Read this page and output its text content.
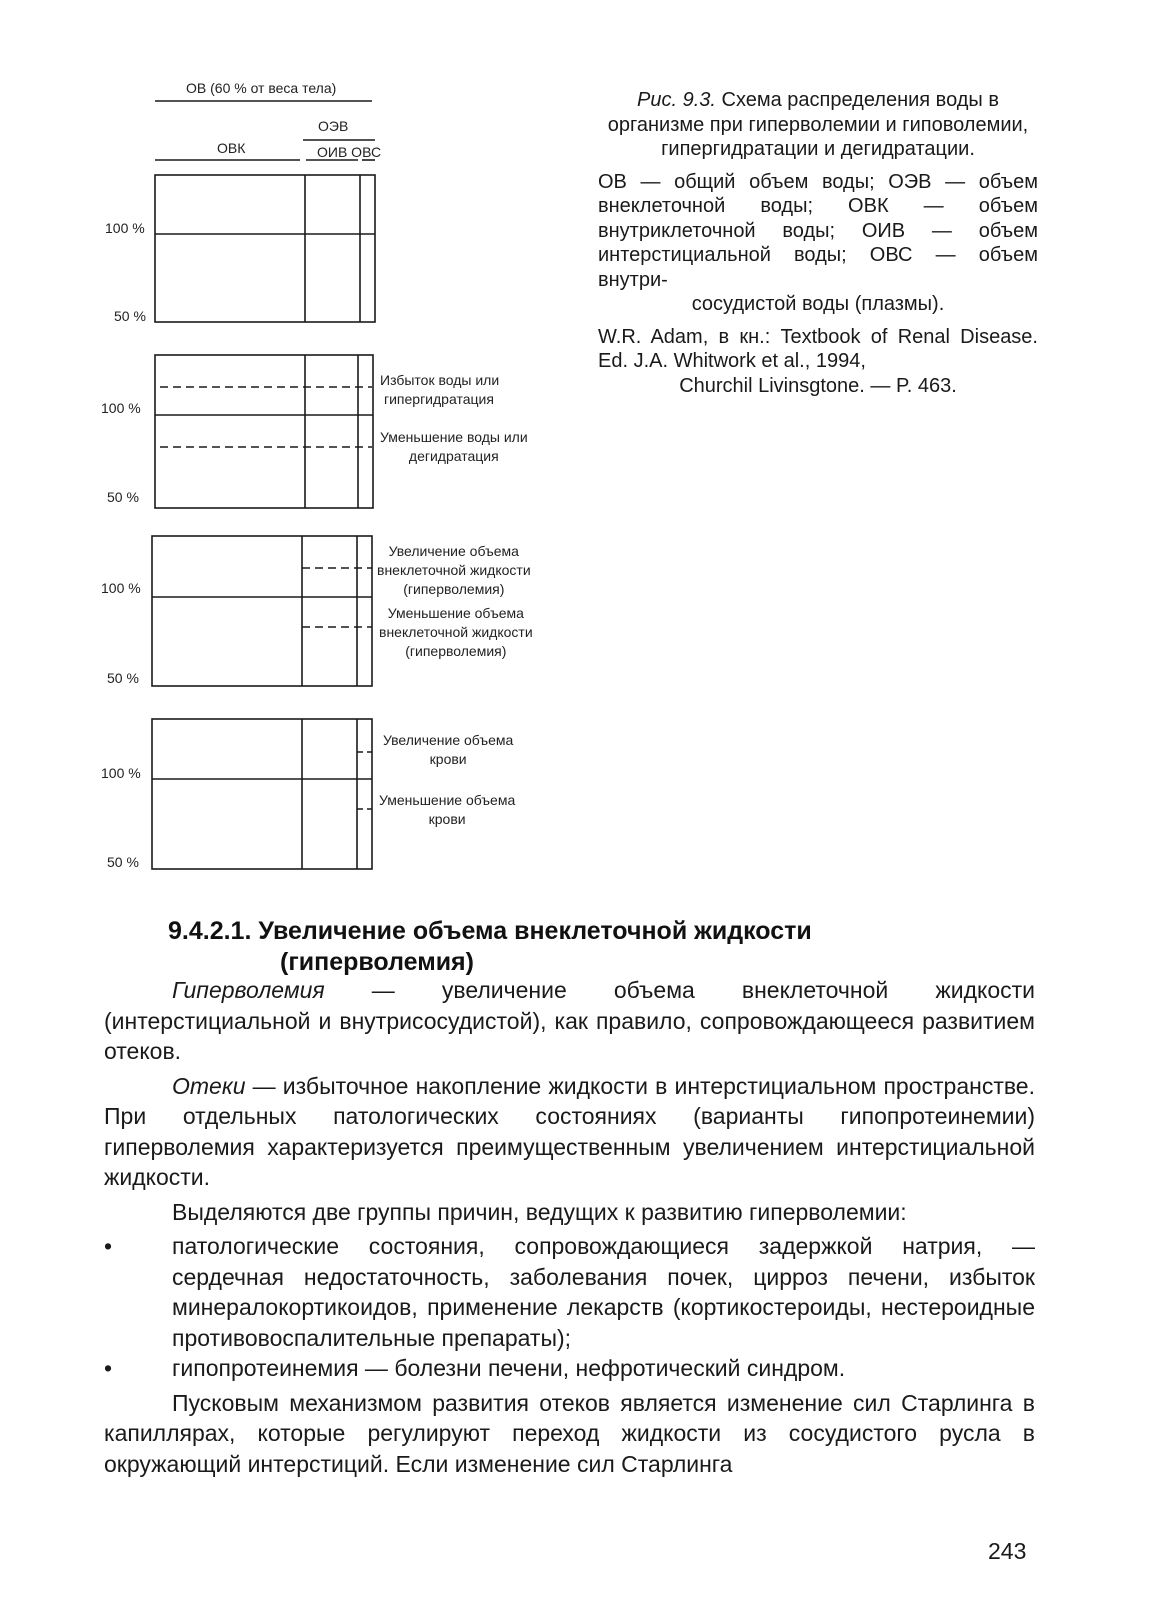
ОВ (60 % от веса тела)
ОЭВ
ОВК	ОИВ ОВС
100 %
50 %
100 %
50 %
100 %
50 %
100 %
50 %
Избыток воды или
гипергидратация
Уменьшение воды или
дегидратация
Увеличение объема
внеклеточной жидкости
(гиперволемия)
Уменьшение объема
внеклеточной жидкости
(гиперволемия)
Увеличение объема
крови
Уменьшение объема
крови

Рис. 9.3. Схема распределения воды в организме при гиперволемии и гиповолемии, гипергидратации и дегидратации.

ОВ — общий объем воды; ОЭВ — объем внеклеточной воды; ОВК — объем внутриклеточной воды; ОИВ — объем интерстициальной воды; ОВС — объем внутри-
сосудистой воды (плазмы).

W.R. Adam, в кн.: Textbook of Renal Disease. Ed. J.A. Whitwork et al., 1994,
Churchil Livinsgtone. — P. 463.

9.4.2.1. Увеличение объема внеклеточной жидкости
(гиперволемия)

Гиперволемия — увеличение объема внеклеточной жидкости (интерстициальной и внутрисосудистой), как правило, сопровождающееся развитием отеков.

Отеки — избыточное накопление жидкости в интерстициальном пространстве. При отдельных патологических состояниях (варианты гипопротеинемии) гиперволемия характеризуется преимущественным увеличением интерстициальной жидкости.

Выделяются две группы причин, ведущих к развитию гиперволемии:

•	патологические состояния, сопровождающиеся задержкой натрия, — сердечная недостаточность, заболевания почек, цирроз печени, избыток минералокортикоидов, применение лекарств (кортикостероиды, нестероидные противовоспалительные препараты);

•	гипопротеинемия — болезни печени, нефротический синдром.

Пусковым механизмом развития отеков является изменение сил Старлинга в капиллярах, которые регулируют переход жидкости из сосудистого русла в окружающий интерстиций. Если изменение сил Старлинга

243
